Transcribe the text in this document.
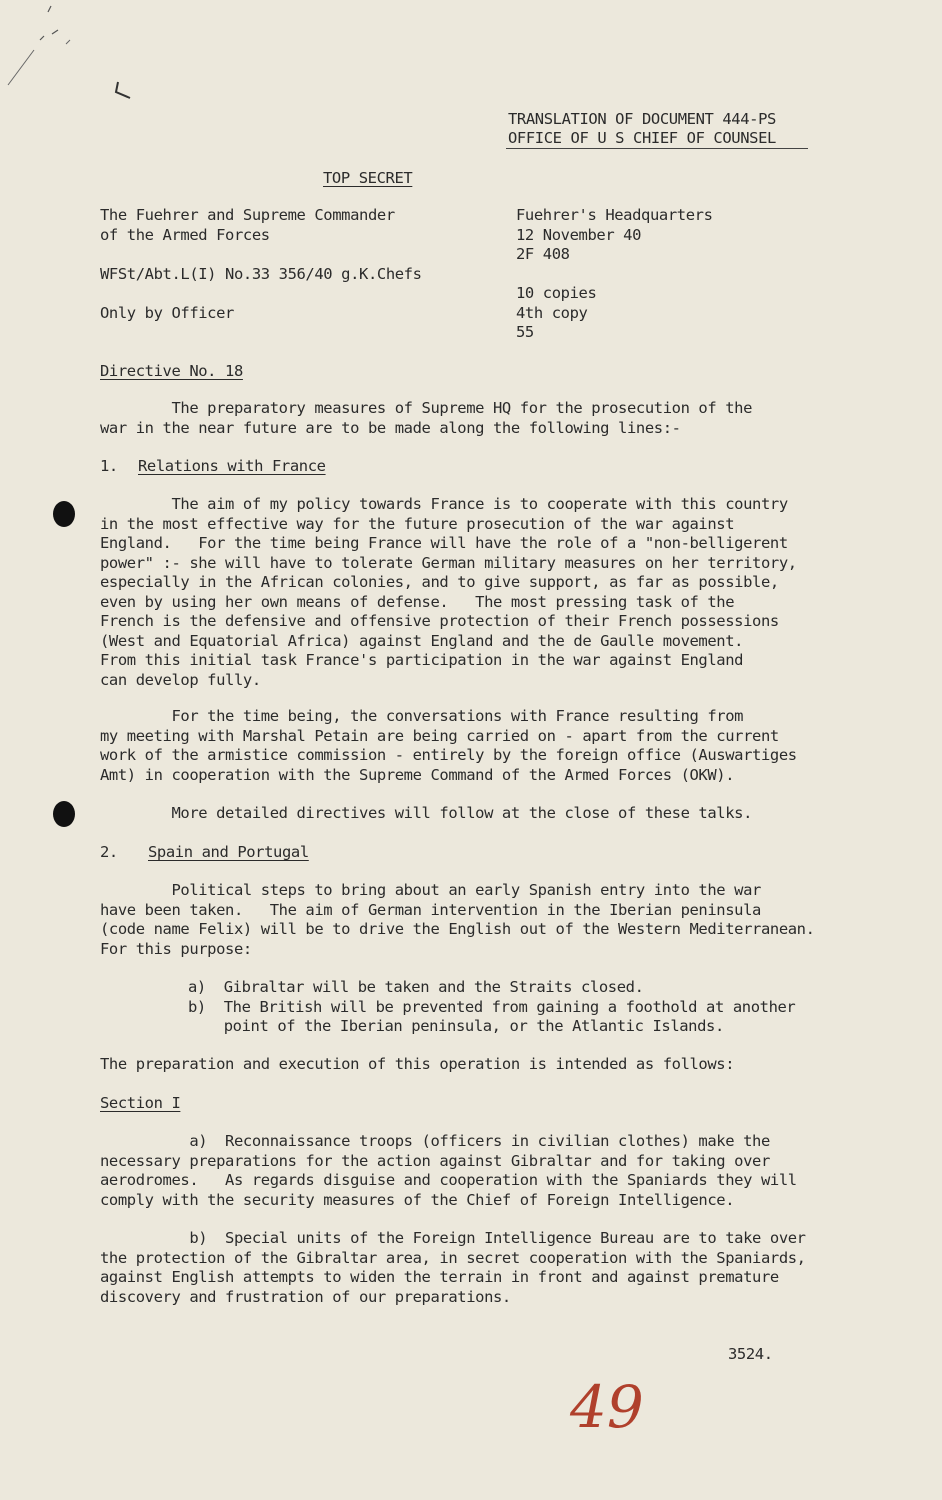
TRANSLATION OF DOCUMENT 444-PS
OFFICE OF U S CHIEF OF COUNSEL
TOP SECRET
The Fuehrer and Supreme Commander
of the Armed Forces
WFSt/Abt.L(I) No.33 356/40 g.K.Chefs
Only by Officer
Fuehrer's Headquarters
12 November 40
2F 408
10 copies
4th copy
55
Directive No. 18
The preparatory measures of Supreme HQ for the prosecution of the
war in the near future are to be made along the following lines:-
1. Relations with France
The aim of my policy towards France is to cooperate with this country
in the most effective way for the future prosecution of the war against
England.   For the time being France will have the role of a "non-belligerent
power" :- she will have to tolerate German military measures on her territory,
especially in the African colonies, and to give support, as far as possible,
even by using her own means of defense.   The most pressing task of the
French is the defensive and offensive protection of their French possessions
(West and Equatorial Africa) against England and the de Gaulle movement.
From this initial task France's participation in the war against England
can develop fully.
For the time being, the conversations with France resulting from
my meeting with Marshal Petain are being carried on - apart from the current
work of the armistice commission - entirely by the foreign office (Auswartiges
Amt) in cooperation with the Supreme Command of the Armed Forces (OKW).
More detailed directives will follow at the close of these talks.
2. Spain and Portugal
Political steps to bring about an early Spanish entry into the war
have been taken.   The aim of German intervention in the Iberian peninsula
(code name Felix) will be to drive the English out of the Western Mediterranean.
For this purpose:
a)  Gibraltar will be taken and the Straits closed.
b)  The British will be prevented from gaining a foothold at another
point of the Iberian peninsula, or the Atlantic Islands.
The preparation and execution of this operation is intended as follows:
Section I
a)  Reconnaissance troops (officers in civilian clothes) make the
necessary preparations for the action against Gibraltar and for taking over
aerodromes.   As regards disguise and cooperation with the Spaniards they will
comply with the security measures of the Chief of Foreign Intelligence.
b)  Special units of the Foreign Intelligence Bureau are to take over
the protection of the Gibraltar area, in secret cooperation with the Spaniards,
against English attempts to widen the terrain in front and against premature
discovery and frustration of our preparations.
3524.
49
